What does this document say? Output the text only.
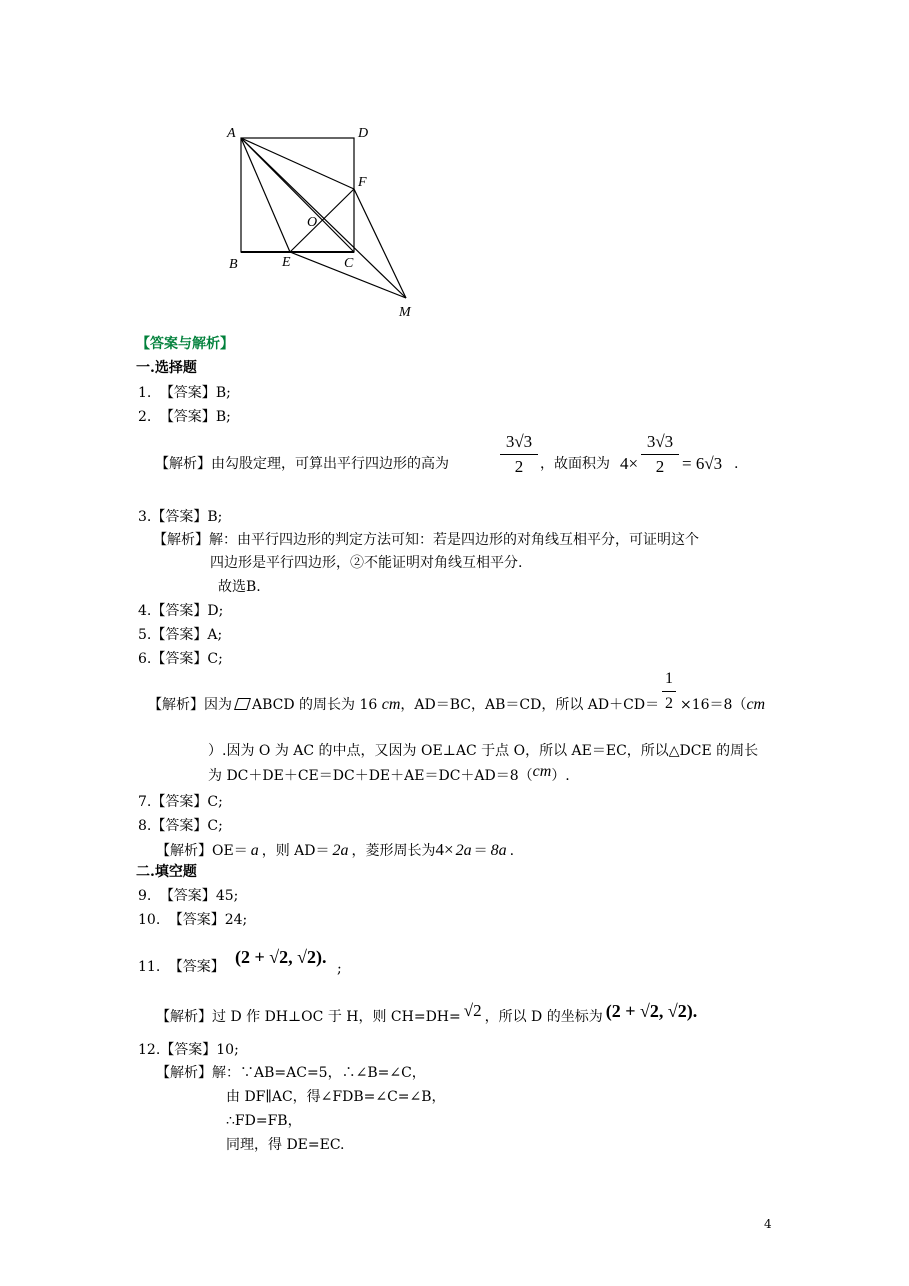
A	D
F
O
B	E	C
M
【答案与解析】
一.选择题
1. 【答案】B;
2. 【答案】B;
【解析】由勾股定理，可算出平行四边形的高为	$\frac{3√3}{2}$ ，故面积为 $4\times \frac{3√3}{2} = 6√3$ .
3.【答案】B;
【解析】解：由平行四边形的判定方法可知：若是四边形的对角线互相平分，可证明这个
四边形是平行四边形，②不能证明对角线互相平分.
故选B.
4.【答案】D;
5.【答案】A;
6.【答案】C;
【解析】因为 ABCD 的周长为 16 cm，AD＝BC，AB＝CD，所以 $AD+CD= \frac{1}{2} \times 16=8(cm$
）.因为 O 为 AC 的中点，又因为 OE⊥AC 于点 O，所以 AE＝EC，所以△DCE 的周长
为 DC＋DE＋CE＝DC＋DE＋AE＝DC＋AD＝8（cm）.
7.【答案】C;
8.【答案】C;
【解析】OE＝ a ，则 AD＝ 2a ，菱形周长为4× 2a ＝ 8a .
二.填空题
9. 【答案】45;
10. 【答案】24;
11. 【答案】 (2 + √2, √2).
;
【解析】过 D 作 DH⊥OC 于 H，则 CH=DH= √2 ，所以 D 的坐标为 (2 + √2, √2).
12.【答案】10;
【解析】解：∵AB=AC=5，∴∠B=∠C，
由 DF∥AC，得∠FDB=∠C=∠B，
∴FD=FB，
同理，得 DE=EC.
4
